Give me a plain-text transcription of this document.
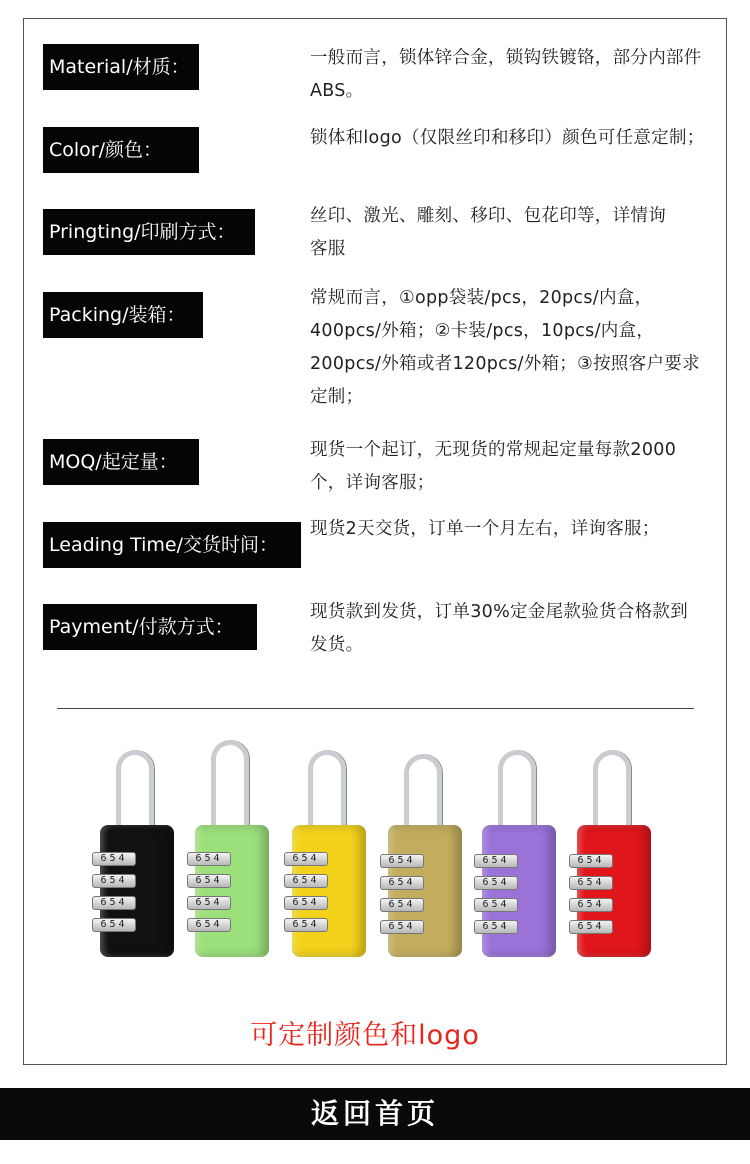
Material/材质：	一般而言，锁体锌合金，锁钩铁镀铬，部分内部件ABS。
Color/颜色：
锁体和logo（仅限丝印和移印）颜色可任意定制；
Pringting/印刷方式：
丝印、激光、雕刻、移印、包花印等，详情询客服
Packing/装箱：
常规而言，①opp袋装/pcs，20pcs/内盒，400pcs/外箱；②卡装/pcs，10pcs/内盒，200pcs/外箱或者120pcs/外箱；③按照客户要求定制；
MOQ/起定量：
现货一个起订，无现货的常规起定量每款2000个，详询客服；
Leading Time/交货时间：
现货2天交货，订单一个月左右，详询客服；
Payment/付款方式：
现货款到发货，订单30%定金尾款验货合格款到发货。
654
654
654
654
654
654
654
654
654
654
654
654
654
654
654
654
654
654
654
654
654
654
654
654
可定制颜色和logo
返回首页
